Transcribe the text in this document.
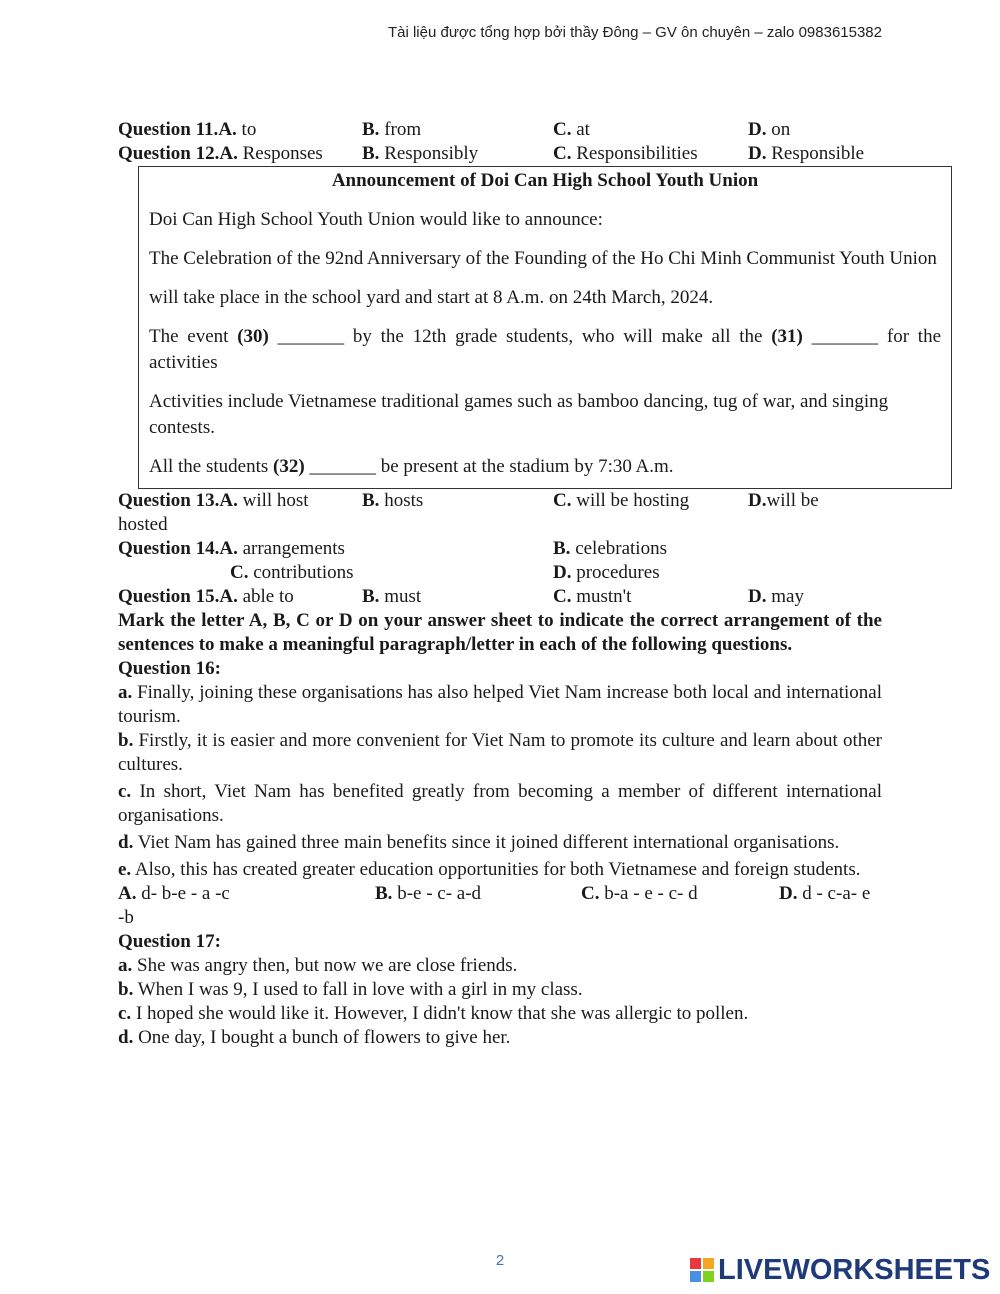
Tài liệu được tổng hợp bởi thầy Đông – GV ôn chuyên – zalo 0983615382
Question 11.A. to	B. from	C. at	D. on
Question 12.A. Responses B. Responsibly	C. Responsibilities	D. Responsible
Announcement of Doi Can High School Youth Union

Doi Can High School Youth Union would like to announce:

The Celebration of the 92nd Anniversary of the Founding of the Ho Chi Minh Communist Youth Union

will take place in the school yard and start at 8 A.m. on 24th March, 2024.

The event (30) _______ by the 12th grade students, who will make all the (31) _______ for the activities

Activities include Vietnamese traditional games such as bamboo dancing, tug of war, and singing contests.

All the students (32) _______ be present at the stadium by 7:30 A.m.

Question 13.A. will host	B. hosts	C. will be hosting	D.will be
hosted
Question 14.A. arrangements	B. celebrations
C. contributions	D. procedures
Question 15.A. able to	B. must	C. mustn't	D. may

Mark the letter A, B, C or D on your answer sheet to indicate the correct arrangement of the sentences to make a meaningful paragraph/letter in each of the following questions.

Question 16:

a. Finally, joining these organisations has also helped Viet Nam increase both local and international tourism.

b. Firstly, it is easier and more convenient for Viet Nam to promote its culture and learn about other cultures.

c. In short, Viet Nam has benefited greatly from becoming a member of different international organisations.

d. Viet Nam has gained three main benefits since it joined different international organisations.

e. Also, this has created greater education opportunities for both Vietnamese and foreign students.

A. d- b-e - a -c	B. b-e - c- a-d	C. b-a - e - c- d	D. d - c-a- e
-b

Question 17:

a. She was angry then, but now we are close friends.

b. When I was 9, I used to fall in love with a girl in my class.

c. I hoped she would like it. However, I didn't know that she was allergic to pollen.

d. One day, I bought a bunch of flowers to give her.

2	LIVEWORKSHEETS
